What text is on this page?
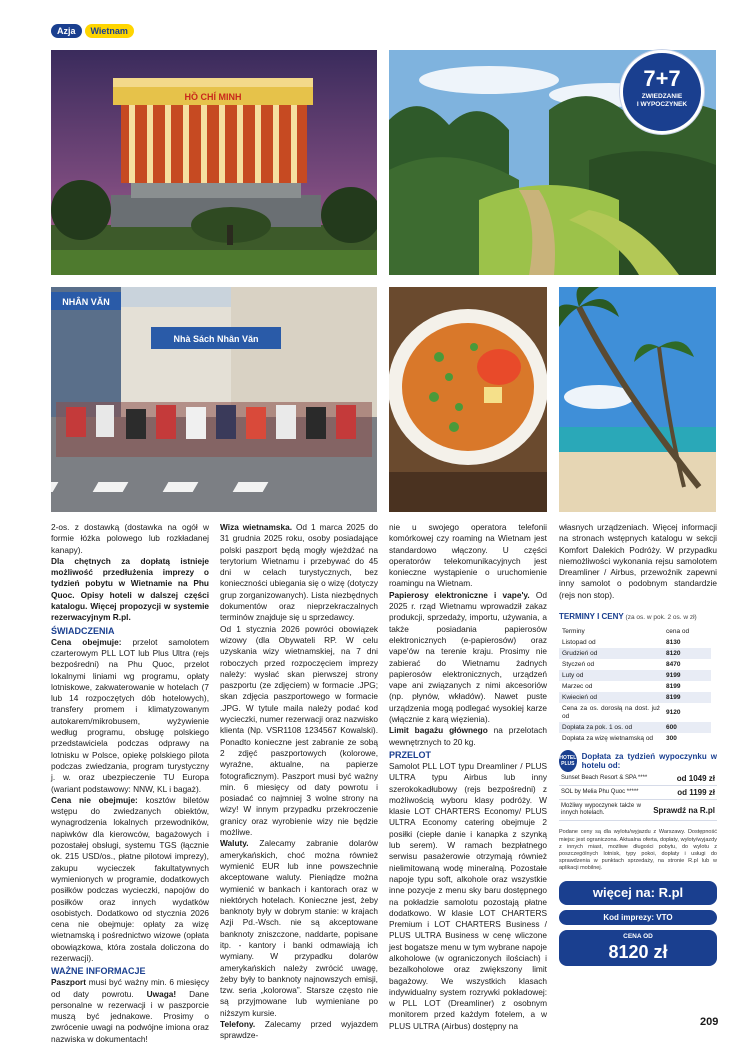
Azja	Wietnam
HỒ CHÍ MINH
7+7
ZWIEDZANIE
I WYPOCZYNEK
Nhà Sách Nhân Văn
NHÂN VĂN

2-os. z dostawką (dostawka na ogół w formie łóżka polowego lub rozkładanej kanapy).

Dla chętnych za dopłatą istnieje możliwość przedłużenia imprezy o tydzień pobytu w Wietnamie na Phu Quoc. Opisy hoteli w dalszej części katalogu. Więcej propozycji w systemie rezerwacyjnym R.pl.

ŚWIADCZENIA

Cena obejmuje: przelot samolotem czarterowym PLL LOT lub Plus Ultra (rejs bezpośredni) na Phu Quoc, przelot lokalnymi liniami wg programu, opłaty lotniskowe, zakwaterowanie w hotelach (7 lub 14 rozpoczętych dób hotelowych), transfery promem i klimatyzowanym autokarem/mikrobusem, wyżywienie według programu, obsługę polskiego przedstawiciela podczas odprawy na lotnisku w Polsce, opiekę polskiego pilota podczas zwiedzania, program turystyczny j. w. oraz ubezpieczenie TU Europa (wariant podstawowy: NNW, KL i bagaż).

Cena nie obejmuje: kosztów biletów wstępu do zwiedzanych obiektów, wynagrodzenia lokalnych przewodników, napiwków dla kierowców, bagażowych i pozostałej obsługi, systemu TGS (łącznie ok. 215 USD/os., płatne pilotowi imprezy), zakupu wycieczek fakultatywnych wymienionych w programie, dodatkowych posiłków podczas wycieczki, napojów do posiłków oraz innych wydatków osobistych. Dodatkowo od stycznia 2026 cena nie obejmuje: opłaty za wizę wietnamską i pośrednictwo wizowe (opłata obowiązkowa, która zostala doliczona do rezerwacji).

WAŻNE INFORMACJE

Paszport musi być ważny min. 6 miesięcy od daty powrotu. Uwaga! Dane personalne w rezerwacji i w paszporcie muszą być jednakowe. Prosimy o zwrócenie uwagi na podwójne imiona oraz nazwiska w dokumentach!

Wiza wietnamska. Od 1 marca 2025 do 31 grudnia 2025 roku, osoby posiadające polski paszport będą mogły wjeżdżać na terytorium Wietnamu i przebywać do 45 dni w celach turystycznych, bez konieczności ubiegania się o wizę (dotyczy grup zorganizowanych). Lista niezbędnych dokumentów oraz nieprzekraczalnych terminów znajduje się u sprzedawcy.

Od 1 stycznia 2026 powróci obowiązek wizowy (dla Obywateli RP. W celu uzyskania wizy wietnamskiej, na 7 dni roboczych przed rozpoczęciem imprezy należy: wysłać skan pierwszej strony paszportu (ze zdjęciem) w formacie .JPG; skan zdjęcia paszportowego w formacie .JPG. W tytule maila należy podać kod wycieczki, numer rezerwacji oraz nazwisko klienta (Np. VSR1108 1234567 Kowalski). Ponadto konieczne jest zabranie ze sobą 2 zdjęć paszportowych (kolorowe, wyraźne, aktualne, na papierze fotograficznym). Paszport musi być ważny min. 6 miesięcy od daty powrotu i posiadać co najmniej 3 wolne strony na wizy! W innym przypadku przekroczenie granicy oraz wyrobienie wizy nie będzie możliwe.

Waluty. Zalecamy zabranie dolarów amerykańskich, choć można również wymienić EUR lub inne powszechnie akceptowane waluty. Pieniądze można wymienić w bankach i kantorach oraz w niektórych hotelach. Konieczne jest, żeby banknoty były w dobrym stanie: w krajach Azji Pd.-Wsch. nie są akceptowane banknoty zniszczone, naddarte, popisane itp. - kantory i banki odmawiają ich wymiany. W przypadku dolarów amerykańskich należy zwrócić uwagę, żeby były to banknoty najnowszych emisji, tzw. seria „kolorowa”. Starsze często nie są przyjmowane lub wymieniane po niższym kursie.

Telefony. Zalecamy przed wyjazdem sprawdze-

nie u swojego operatora telefonii komórkowej czy roaming na Wietnam jest standardowo włączony. U części operatorów telekomunikacyjnych jest konieczne wystąpienie o uruchomienie roamingu na Wietnam.

Papierosy elektroniczne i vape'y. Od 2025 r. rząd Wietnamu wprowadził zakaz produkcji, sprzedaży, importu, używania, a także posiadania papierosów elektronicznych (e-papierosów) oraz vape'ów na terenie kraju. Prosimy nie zabierać do Wietnamu żadnych papierosów elektronicznych, urządzeń vape ani związanych z nimi akcesoriów (np. płynów, wkładów). Nawet puste urządzenia mogą podlegać wysokiej karze (włącznie z karą więzienia).

Limit bagażu głównego na przelotach wewnętrznych to 20 kg.

PRZELOT

Samolot PLL LOT typu Dreamliner / PLUS ULTRA typu Airbus lub inny szerokokadłubowy (rejs bezpośredni) z możliwością wyboru klasy podróży. W klasie LOT CHARTERS Economy/ PLUS ULTRA Economy catering obejmuje 2 posiłki (ciepłe danie i kanapka z szynką lub serem). W ramach bezpłatnego serwisu pasażerowie otrzymają również nielimitowaną wodę mineralną. Pozostałe napoje typu soft, alkohole oraz wszystkie inne pozycje z menu sky baru dostępnego na pokładzie samolotu pozostają płatne dodatkowo. W klasie LOT CHARTERS Premium i LOT CHARTERS Business / PLUS ULTRA Business w cenę wliczone jest bogatsze menu w tym wybrane napoje alkoholowe (w ograniczonych ilościach) i bezalkoholowe oraz zwiększony limit bagażowy. We wszystkich klasach indywidualny system rozrywki pokładowej: w PLL LOT (Dreamliner) z osobnym monitorem przed każdym fotelem, a w PLUS ULTRA (Airbus) dostępny na

własnych urządzeniach. Więcej informacji na stronach wstępnych katalogu w sekcji Komfort Dalekich Podróży. W przypadku niemożliwości wykonania rejsu samolotem Dreamliner / Airbus, przewoźnik zapewni inny samolot o podobnym standardzie (rejs non stop).

TERMINY I CENY (za os. w pok. 2 os. w zł)
Terminy	cena od
Listopad od	8130
Grudzień od	8120
Styczeń od	8470
Luty od	9199
Marzec od	8199
Kwiecień od	8199
Cena za os. dorosłą na dost. już od	9120
Dopłata za pok. 1 os. od	600
Dopłata za wizę wietnamską od	300
HOTEL PLUS
Dopłata za tydzień wypoczynku w hotelu od:
Sunset Beach Resort & SPA ****	od 1049 zł
SOL by Melia Phu Quoc *****	od 1199 zł
Możliwy wypoczynek także w innych hotelach.	Sprawdź na R.pl
Podane ceny są dla wylotu/wyjazdu z Warszawy. Dostępność miejsc jest ograniczona. Aktualna oferta, dopłaty, wyloty/wyjazdy z innych miast, możliwe długości pobytu, do wylotu z poszczególnych lotnisk, typy pokoi, dopłaty i usługi do sprawdzenia w punktach sprzedaży, na stronie R.pl lub w aplikacji mobilnej.
więcej na: R.pl
Kod imprezy: VTO
CENA OD
8120 zł
209
